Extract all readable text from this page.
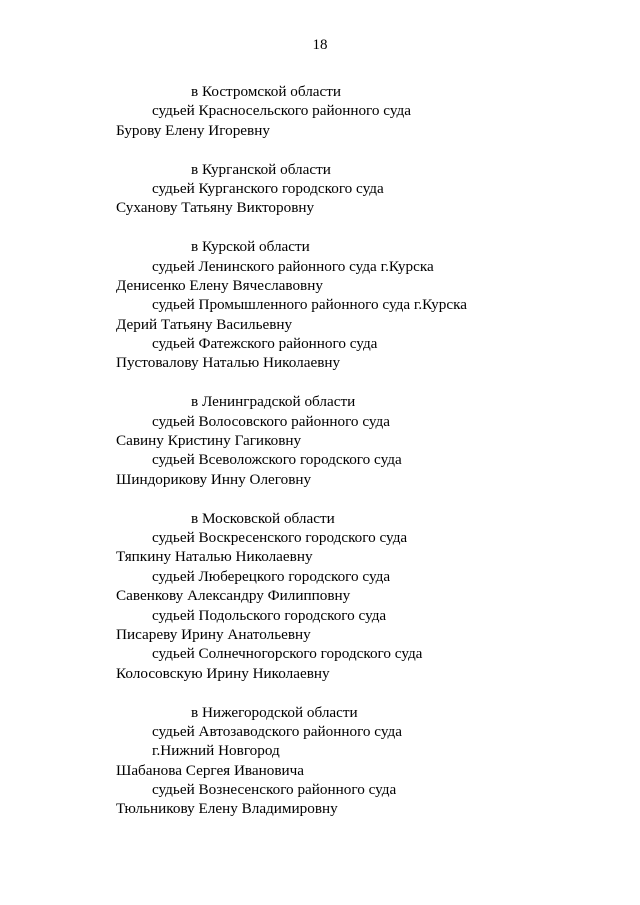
18
в Костромской области
судьей Красносельского районного суда
Бурову Елену Игоревну
в Курганской области
судьей Курганского городского суда
Суханову Татьяну Викторовну
в Курской области
судьей Ленинского районного суда г.Курска
Денисенко Елену Вячеславовну
судьей Промышленного районного суда г.Курска
Дерий Татьяну Васильевну
судьей Фатежского районного суда
Пустовалову Наталью Николаевну
в Ленинградской области
судьей Волосовского районного суда
Савину Кристину Гагиковну
судьей Всеволожского городского суда
Шиндорикову Инну Олеговну
в Московской области
судьей Воскресенского городского суда
Тяпкину Наталью Николаевну
судьей Люберецкого городского суда
Савенкову Александру Филипповну
судьей Подольского городского суда
Писареву Ирину Анатольевну
судьей Солнечногорского городского суда
Колосовскую Ирину Николаевну
в Нижегородской области
судьей Автозаводского районного суда
г.Нижний Новгород
Шабанова Сергея Ивановича
судьей Вознесенского районного суда
Тюльникову Елену Владимировну
